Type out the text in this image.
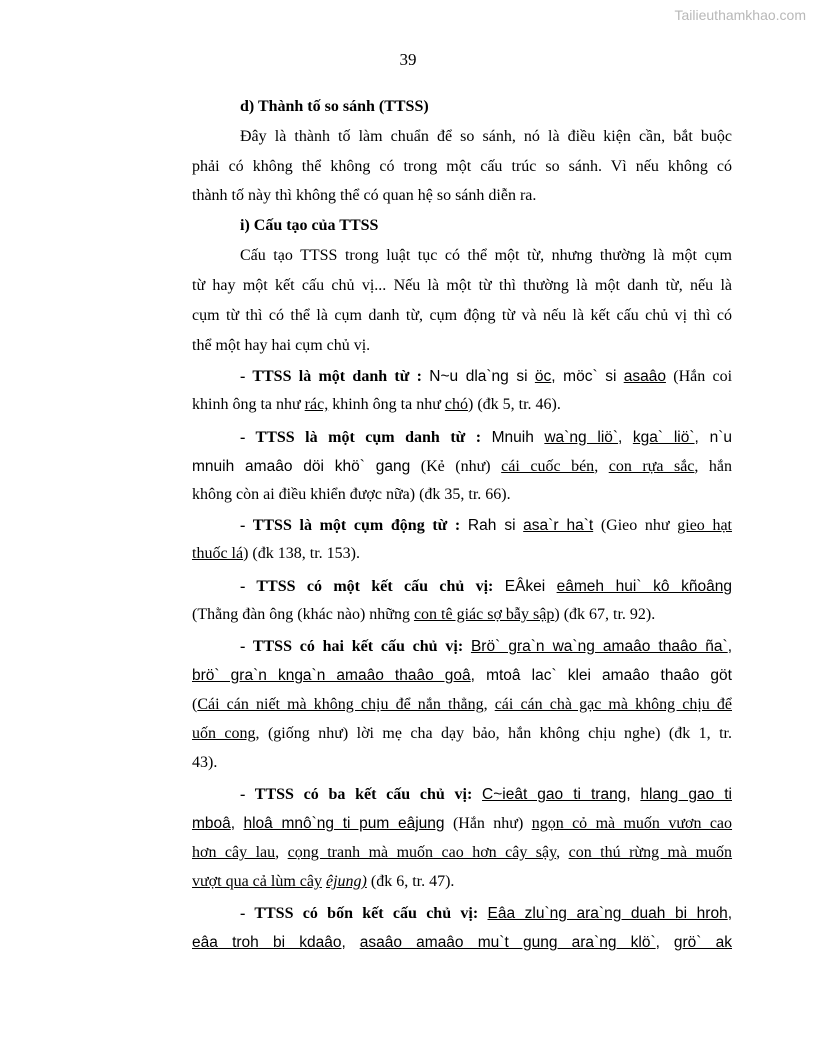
Tailieuthamkhao.com
39
d) Thành tố so sánh (TTSS)
Đây là thành tố làm chuẩn để so sánh, nó là điều kiện cần, bắt buộc
phải có không thể không có trong một cấu trúc so sánh. Vì nếu không có
thành tố này thì không thể có quan hệ so sánh diễn ra.
i) Cấu tạo của TTSS
Cấu tạo TTSS trong luật tục có thể một từ, nhưng thường là một cụm
từ hay một kết cấu chủ vị... Nếu là một từ thì thường là một danh từ, nếu là
cụm từ thì có thể là cụm danh từ, cụm động từ và nếu là kết cấu chủ vị thì có
thể một hay hai cụm chủ vị.
- TTSS là một danh từ : N~u dla`ng si öc, möc` si asaâo (Hắn coi
khinh ông ta như rác, khinh ông ta như chó) (đk 5, tr. 46).
- TTSS là một cụm danh từ : Mnuih wa`ng liö`, kga` liö`, n`u
mnuih amaâo döi khö` gang (Kẻ (như) cái cuốc bén, con rựa sắc, hắn
không còn ai điều khiển được nữa) (đk 35, tr. 66).
- TTSS là một cụm động từ : Rah si asa`r ha`t (Gieo như gieo hạt
thuốc lá) (đk 138, tr. 153).
- TTSS có một kết cấu chủ vị: EÂkei eâmeh hui` kô kñoâng
(Thằng đàn ông (khác nào) những con tê giác sợ bẫy sập) (đk 67, tr. 92).
- TTSS có hai kết cấu chủ vị: Brö` gra`n wa`ng amaâo thaâo ña`,
brö` gra`n knga`n amaâo thaâo goâ, mtoâ lac` klei amaâo thaâo göt
(Cái cán niết mà không chịu để nắn thẳng, cái cán chà gạc mà không chịu để
uốn cong, (giống như) lời mẹ cha dạy bảo, hắn không chịu nghe) (đk 1, tr.
43).
- TTSS có ba kết cấu chủ vị: C~ieât gao ti trang, hlang gao ti
mboâ, hloâ mnô`ng ti pum eâjung (Hắn như) ngọn cỏ mà muốn vươn cao
hơn cây lau, cọng tranh mà muốn cao hơn cây sậy, con thú rừng mà muốn
vượt qua cả lùm cây êjung) (đk 6, tr. 47).
- TTSS có bốn kết cấu chủ vị: Eâa zlu`ng ara`ng duah bi hroh,
eâa troh bi kdaâo, asaâo amaâo mu`t gung ara`ng klö`, grö` ak
